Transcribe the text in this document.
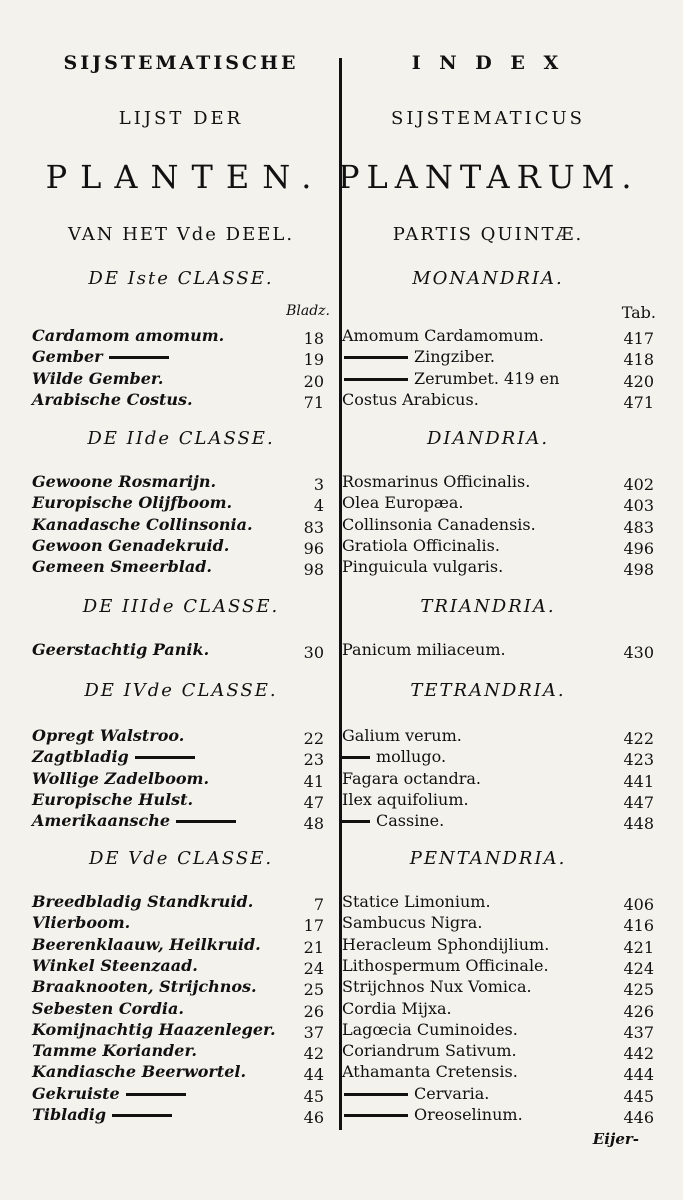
SIJSTEMATISCHE
LIJST DER
PLANTEN.
VAN HET Vde DEEL.
Bladz.
DE Iste CLASSE.
Cardamom amomum.	18
Gember	19
Wilde Gember.	20
Arabische Costus.	71
DE IIde CLASSE.
Gewoone Rosmarijn.	3
Europische Olijfboom.	4
Kanadasche Collinsonia.	83
Gewoon Genadekruid.	96
Gemeen Smeerblad.	98
DE IIIde CLASSE.
Geerstachtig Panik.	30
DE IVde CLASSE.
Opregt Walstroo.	22
Zagtbladig	23
Wollige Zadelboom.	41
Europische Hulst.	47
Amerikaansche	48
DE Vde CLASSE.
Breedbladig Standkruid.	7
Vlierboom.	17
Beerenklaauw, Heilkruid.	21
Winkel Steenzaad.	24
Braaknooten, Strijchnos.	25
Sebesten Cordia.	26
Komijnachtig Haazenleger. 37
Tamme Koriander.	42
Kandiasche Beerwortel.	44
Gekruiste	45
Tibladig	46
I N D E X
SIJSTEMATICUS
PLANTARUM.
PARTIS QUINTÆ.
Tab.
MONANDRIA.
Amomum Cardamomum.	417
Zingziber.	418
Zerumbet. 419 en	420
Costus Arabicus.	471
DIANDRIA.
Rosmarinus Officinalis.	402
Olea Europæa.	403
Collinsonia Canadensis.	483
Gratiola Officinalis.	496
Pinguicula vulgaris.	498
TRIANDRIA.
Panicum miliaceum.	430
TETRANDRIA.
Galium verum.	422
mollugo.	423
Fagara octandra.	441
Ilex aquifolium.	447
Cassine.	448
PENTANDRIA.
Statice Limonium.	406
Sambucus Nigra.	416
Heracleum Sphondijlium.	421
Lithospermum Officinale.	424
Strijchnos Nux Vomica.	425
Cordia Mijxa.	426
Lagœcia Cuminoides.	437
Coriandrum Sativum.	442
Athamanta Cretensis.	444
Cervaria.	445
Oreoselinum.	446
Eijer-
